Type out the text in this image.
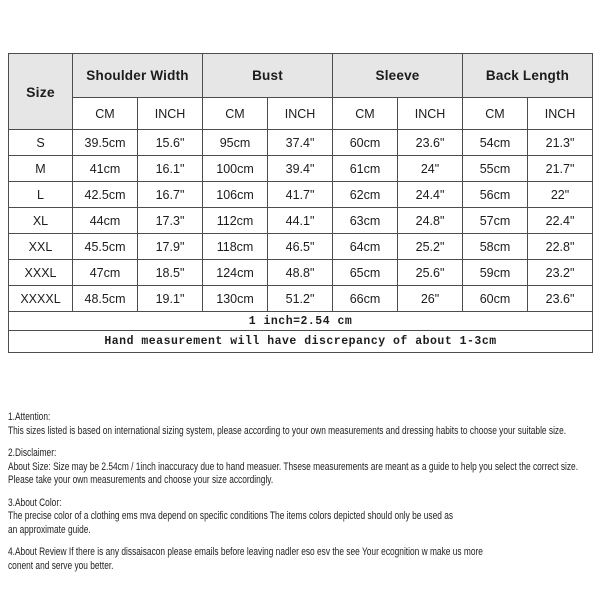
Size	Shoulder Width		Bust		Sleeve		Back Length	
	CM	INCH	CM	INCH	CM	INCH	CM	INCH
S	39.5cm	15.6"	95cm	37.4"	60cm	23.6"	54cm	21.3"
M	41cm	16.1"	100cm	39.4"	61cm	24"	55cm	21.7"
L	42.5cm	16.7"	106cm	41.7"	62cm	24.4"	56cm	22"
XL	44cm	17.3"	112cm	44.1"	63cm	24.8"	57cm	22.4"
XXL	45.5cm	17.9"	118cm	46.5"	64cm	25.2"	58cm	22.8"
XXXL	47cm	18.5"	124cm	48.8"	65cm	25.6"	59cm	23.2"
XXXXL	48.5cm	19.1"	130cm	51.2"	66cm	26"	60cm	23.6"
1 inch=2.54 cm								
Hand measurement will have discrepancy of about 1-3cm								
1.Attention:
This sizes listed is based on international sizing system, please according to your own measurements and dressing habits to choose your suitable size.
2.Disclaimer:
About Size: Size may be 2.54cm / 1inch inaccuracy due to hand measuer. Thsese measurements are meant as a guide to help you select the correct size.
Please take your own measurements and choose your size accordingly.
3.About Color:
The precise color of a clothing ems mva depend on specific conditions The items colors depicted should only be used as
an approximate guide.
4.About Review If there is any dissaisacon please emails before leaving nadler eso esv the see Your ecognition w make us more
conent and serve you better.
